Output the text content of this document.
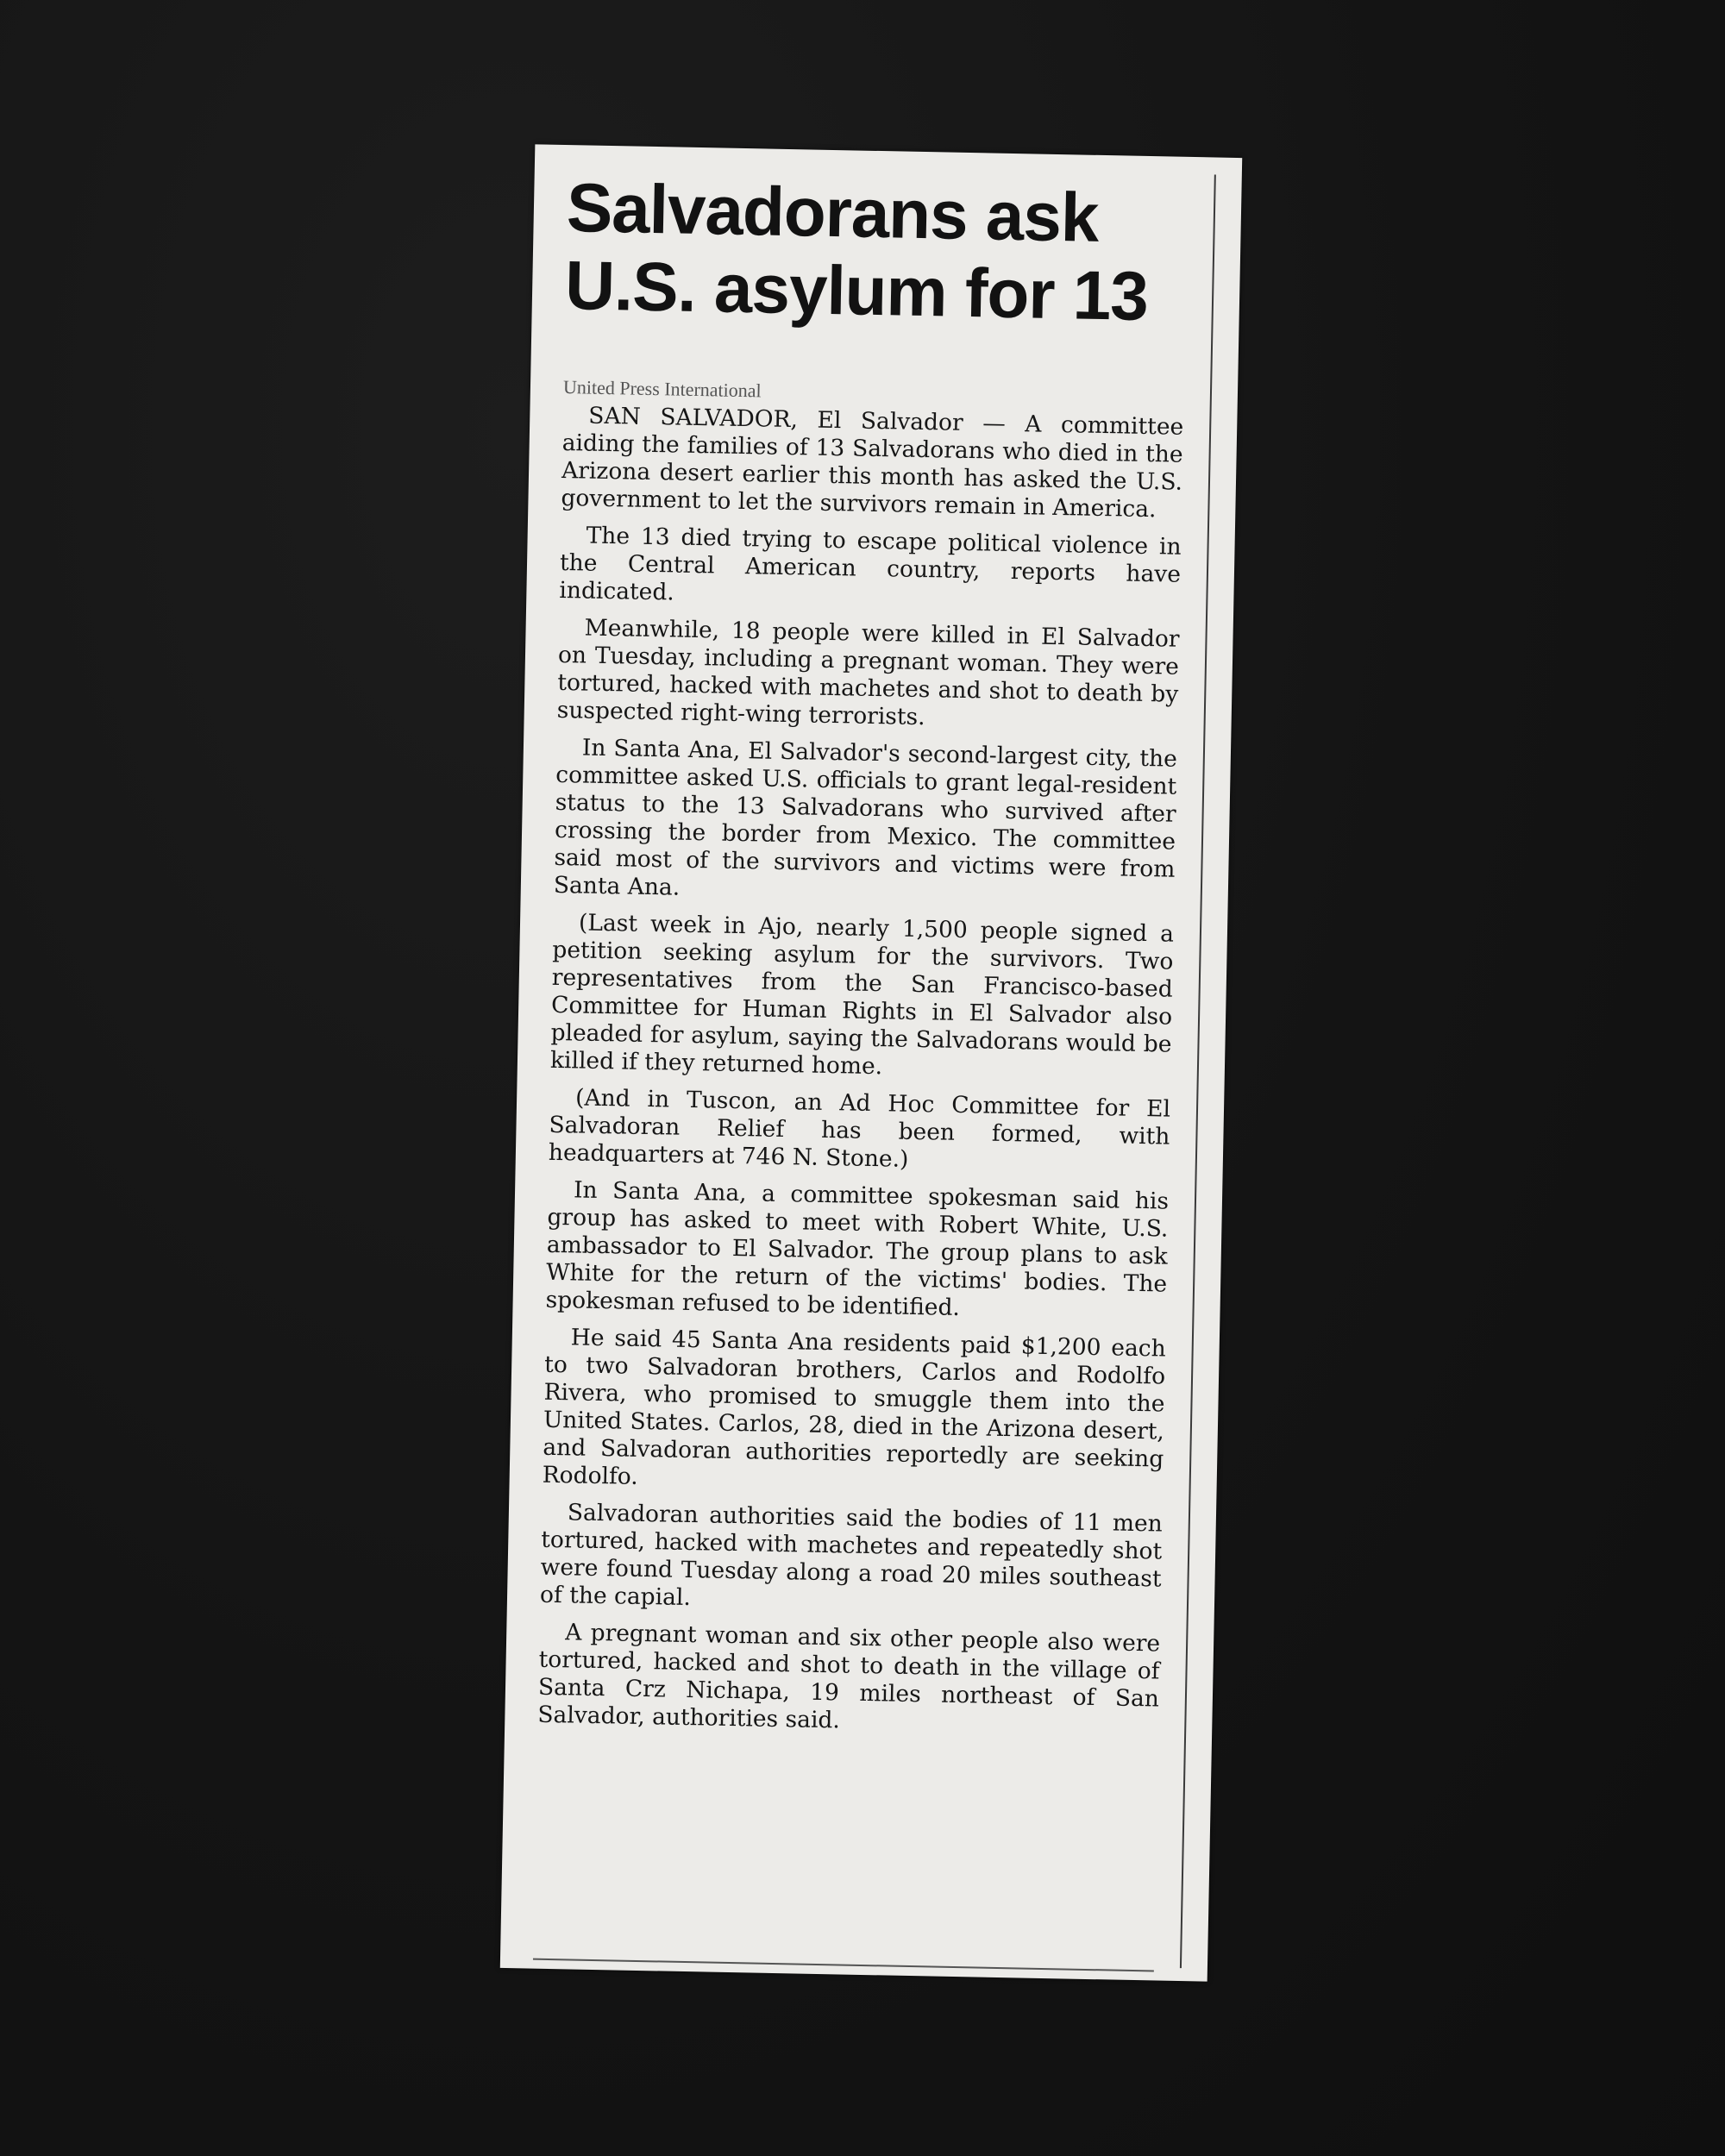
Salvadorans ask
U.S. asylum for 13
United Press International

SAN SALVADOR, El Salvador — A committee aiding the families of 13 Salvadorans who died in the Arizona desert earlier this month has asked the U.S. government to let the survivors remain in America.

The 13 died trying to escape political violence in the Central American country, reports have indicated.

Meanwhile, 18 people were killed in El Salvador on Tuesday, including a pregnant woman. They were tortured, hacked with machetes and shot to death by suspected right-wing terrorists.

In Santa Ana, El Salvador's second-largest city, the committee asked U.S. officials to grant legal-resident status to the 13 Salvadorans who survived after crossing the border from Mexico. The committee said most of the survivors and victims were from Santa Ana.

(Last week in Ajo, nearly 1,500 people signed a petition seeking asylum for the survivors. Two representatives from the San Francisco-based Committee for Human Rights in El Salvador also pleaded for asylum, saying the Salvadorans would be killed if they returned home.

(And in Tuscon, an Ad Hoc Committee for El Salvadoran Relief has been formed, with headquarters at 746 N. Stone.)

In Santa Ana, a committee spokesman said his group has asked to meet with Robert White, U.S. ambassador to El Salvador. The group plans to ask White for the return of the victims' bodies. The spokesman refused to be identified.

He said 45 Santa Ana residents paid $1,200 each to two Salvadoran brothers, Carlos and Rodolfo Rivera, who promised to smuggle them into the United States. Carlos, 28, died in the Arizona desert, and Salvadoran authorities reportedly are seeking Rodolfo.

Salvadoran authorities said the bodies of 11 men tortured, hacked with machetes and repeatedly shot were found Tuesday along a road 20 miles southeast of the capial.

A pregnant woman and six other people also were tortured, hacked and shot to death in the village of Santa Crz Nichapa, 19 miles northeast of San Salvador, authorities said.
